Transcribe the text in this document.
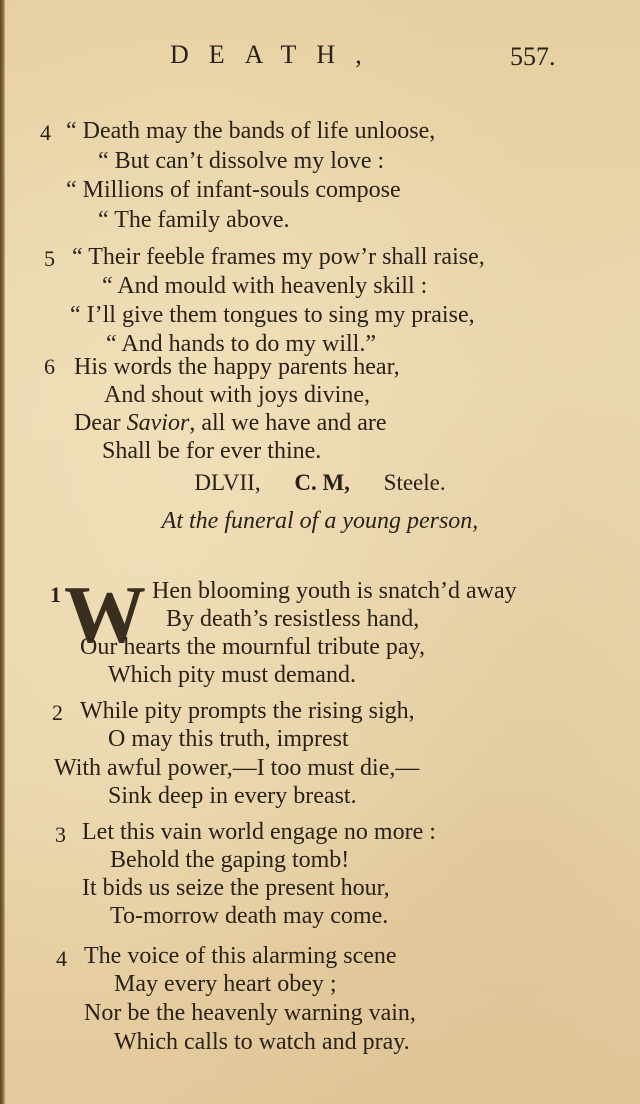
DEATH,	557.
4 “ Death may the bands of life unloose,
“ But can’t dissolve my love :
“ Millions of infant-souls compose
“ The family above.
5 “ Their feeble frames my pow’r shall raise,
“ And mould with heavenly skill :
“ I’ll give them tongues to sing my praise,
“ And hands to do my will.”
6 His words the happy parents hear,
And shout with joys divine,
Dear Savior, all we have and are
Shall be for ever thine.
DLVII, C. M, Steele.
At the funeral of a young person,
1 W Hen blooming youth is snatch’d away
By death’s resistless hand,
Our hearts the mournful tribute pay,
Which pity must demand.
2 While pity prompts the rising sigh,
O may this truth, imprest
With awful power,—I too must die,—
Sink deep in every breast.
3 Let this vain world engage no more :
Behold the gaping tomb!
It bids us seize the present hour,
To-morrow death may come.
4 The voice of this alarming scene
May every heart obey ;
Nor be the heavenly warning vain,
Which calls to watch and pray.
